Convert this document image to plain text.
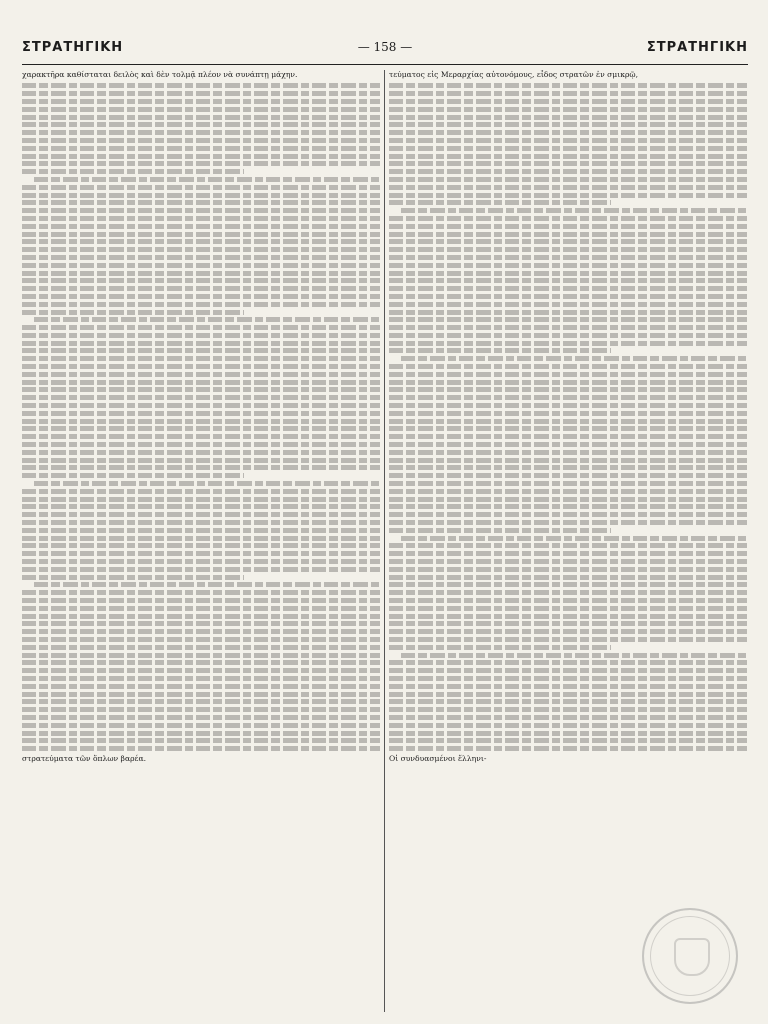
ΣΤΡΑΤΗΓΙΚΗ	— 158 —	ΣΤΡΑΤΗΓΙΚΗ

χαρακτῆρα καθίσταται δειλὸς καὶ δὲν τολμᾷ πλέον νὰ συνάπτῃ μάχην.

στρατεύματα τῶν ὅπλων βαρέα.

τεύματος εἰς Μεραρχίας αὐτονόμους, εἶδος στρατῶν ἐν σμικρῷ,

Οἱ συνδυασμένοι ἕλληνι-
